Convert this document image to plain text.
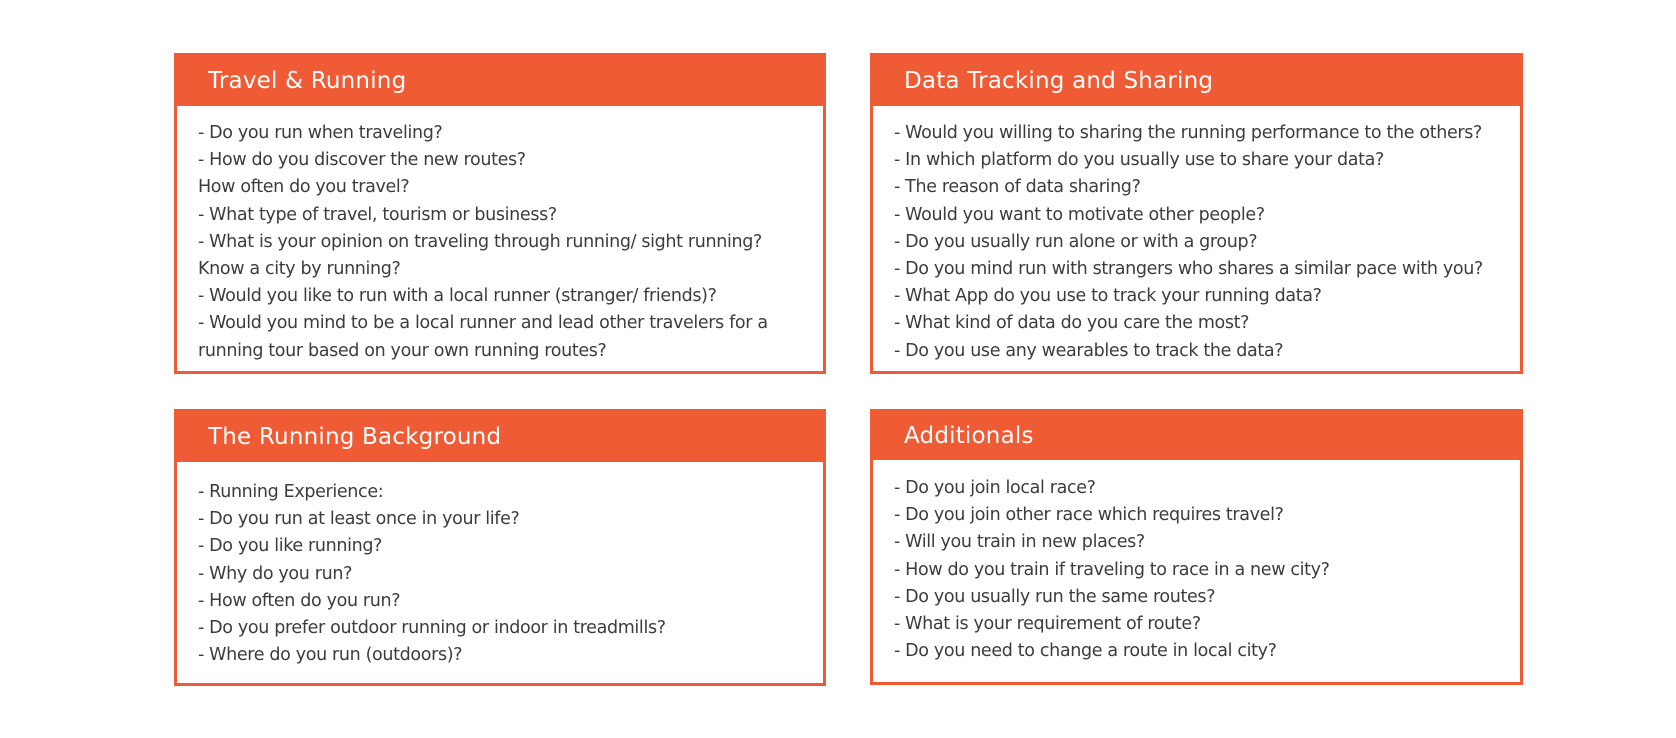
Travel & Running
- Do you run when traveling?
- How do you discover the new routes?
How often do you travel?
- What type of travel, tourism or business?
- What is your opinion on traveling through running/ sight running?
Know a city by running?
- Would you like to run with a local runner (stranger/ friends)?
- Would you mind to be a local runner and lead other travelers for a
running tour based on your own running routes?
Data Tracking and Sharing
- Would you willing to sharing the running performance to the others?
- In which platform do you usually use to share your data?
- The reason of data sharing?
- Would you want to motivate other people?
- Do you usually run alone or with a group?
- Do you mind run with strangers who shares a similar pace with you?
- What App do you use to track your running data?
- What kind of data do you care the most?
- Do you use any wearables to track the data?
The Running Background
- Running Experience:
- Do you run at least once in your life?
- Do you like running?
- Why do you run?
- How often do you run?
- Do you prefer outdoor running or indoor in treadmills?
- Where do you run (outdoors)?
Additionals
- Do you join local race?
- Do you join other race which requires travel?
- Will you train in new places?
- How do you train if traveling to race in a new city?
- Do you usually run the same routes?
- What is your requirement of route?
- Do you need to change a route in local city?
